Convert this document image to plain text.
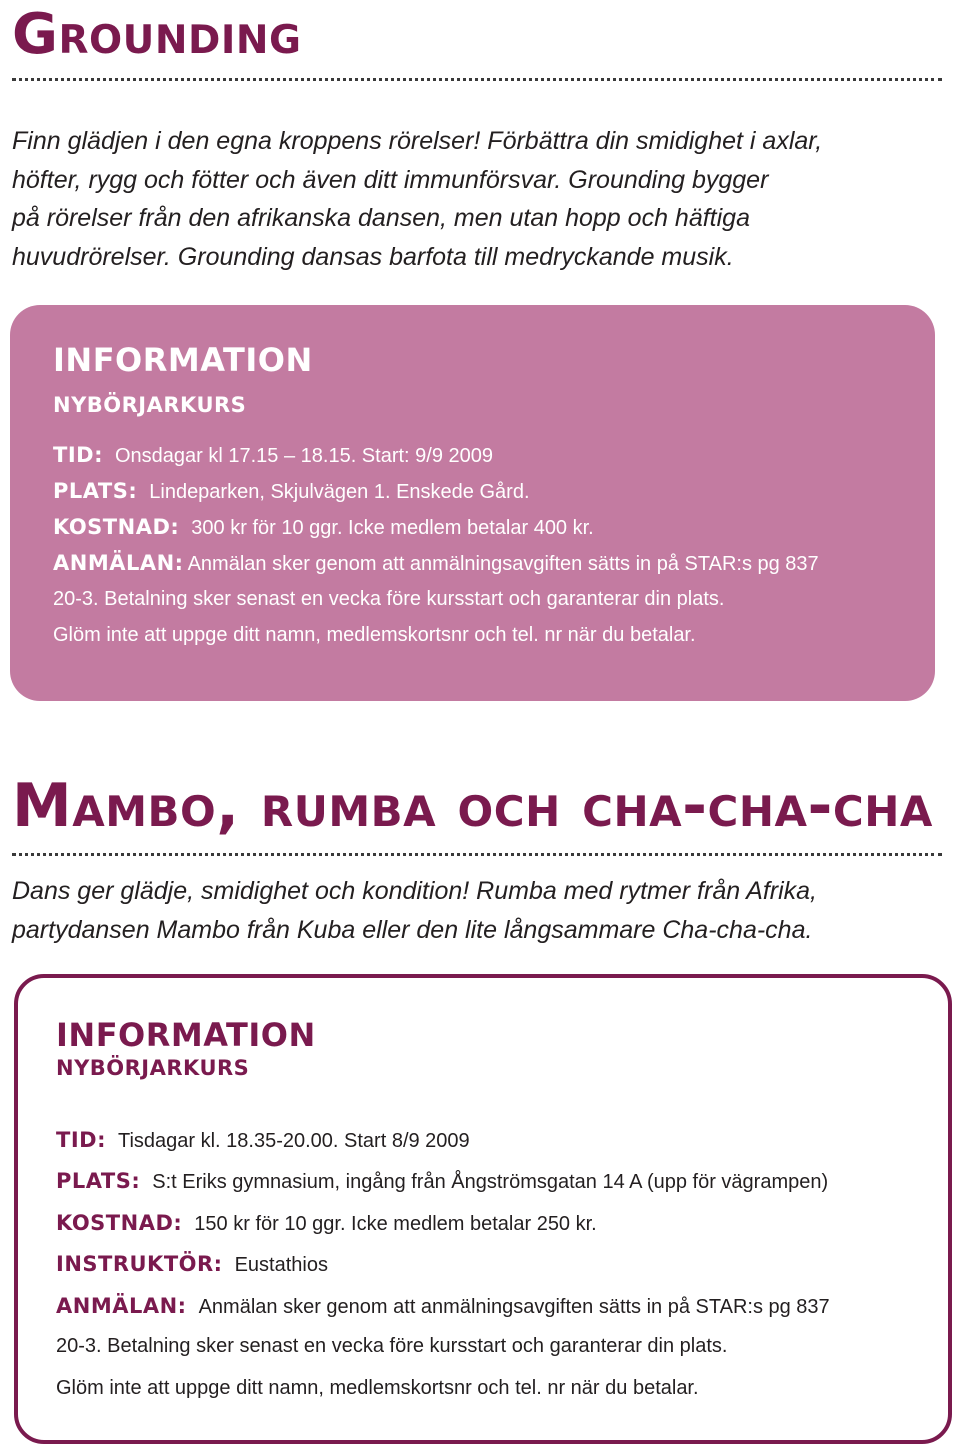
Grounding

Finn glädjen i den egna kroppens rörelser! Förbättra din smidighet i axlar,
höfter, rygg och fötter och även ditt immunförsvar. Grounding bygger
på rörelser från den afrikanska dansen, men utan hopp och häftiga
huvudrörelser. Grounding dansas barfota till medryckande musik.

INFORMATION
NYBÖRJARKURS
TID: Onsdagar kl 17.15 – 18.15. Start: 9/9 2009
PLATS: Lindeparken, Skjulvägen 1. Enskede Gård.
KOSTNAD: 300 kr för 10 ggr. Icke medlem betalar 400 kr.
ANMÄLAN: Anmälan sker genom att anmälningsavgiften sätts in på STAR:s pg 837
20-3. Betalning sker senast en vecka före kursstart och garanterar din plats.
Glöm inte att uppge ditt namn, medlemskortsnr och tel. nr när du betalar.
Mambo, rumba och cha-cha-cha

Dans ger glädje, smidighet och kondition! Rumba med rytmer från Afrika,
partydansen Mambo från Kuba eller den lite långsammare Cha-cha-cha.

INFORMATION
NYBÖRJARKURS
TID: Tisdagar kl. 18.35-20.00. Start 8/9 2009
PLATS: S:t Eriks gymnasium, ingång från Ångströmsgatan 14 A (upp för vägrampen)
KOSTNAD: 150 kr för 10 ggr. Icke medlem betalar 250 kr.
INSTRUKTÖR: Eustathios
ANMÄLAN: Anmälan sker genom att anmälningsavgiften sätts in på STAR:s pg 837
20-3. Betalning sker senast en vecka före kursstart och garanterar din plats.
Glöm inte att uppge ditt namn, medlemskortsnr och tel. nr när du betalar.
